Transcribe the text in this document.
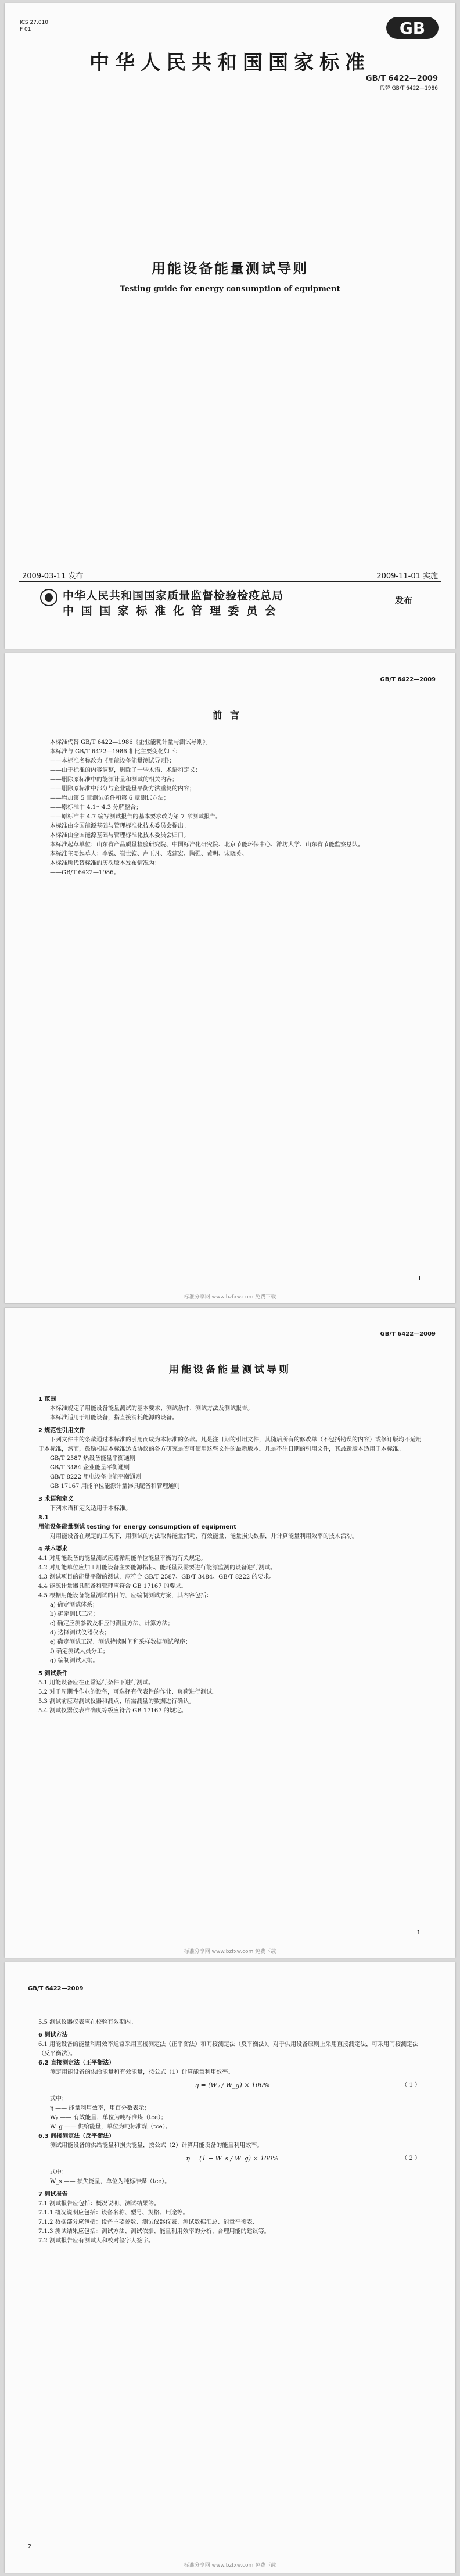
ICS 27.010
F 01	GB
中华人民共和国国家标准
GB/T 6422—2009
代替 GB/T 6422—1986
用能设备能量测试导则
Testing guide for energy consumption of equipment
2009-03-11 发布	2009-11-01 实施
中华人民共和国国家质量监督检验检疫总局
中 国 国 家 标 准 化 管 理 委 员 会
发布
GB/T 6422—2009
前言

本标准代替 GB/T 6422—1986《企业能耗计量与测试导则》。

本标准与 GB/T 6422—1986 相比主要变化如下：

——本标准名称改为《用能设备能量测试导则》；

——由于标准的内容调整，删除了一些术语、术语和定义；

——删除原标准中的能源计量和测试的相关内容；

——删除原标准中部分与企业能量平衡方法重复的内容；

——增加第 5 章测试条件和第 6 章测试方法；

——原标准中 4.1～4.3 分解整合；

——原标准中 4.7 编写测试报告的基本要求改为第 7 章测试报告。

本标准由全国能源基础与管理标准化技术委员会提出。

本标准由全国能源基础与管理标准化技术委员会归口。

本标准起草单位：山东省产品质量检验研究院、中国标准化研究院、北京节能环保中心、潍坊大学、山东省节能监察总队。

本标准主要起草人：李锐、崔世钦、卢玉凡、成建宏、陶强、黄明、宋晓英。

本标准所代替标准的历次版本发布情况为：

——GB/T 6422—1986。

I
标准分享网 www.bzfxw.com 免费下载
GB/T 6422—2009
用能设备能量测试导则

1 范围

本标准规定了用能设备能量测试的基本要求、测试条件、测试方法及测试报告。

本标准适用于用能设备，指直接消耗能源的设备。

2 规范性引用文件

下列文件中的条款通过本标准的引用而成为本标准的条款。凡是注日期的引用文件，其随后所有的修改单（不包括勘误的内容）或修订版均不适用于本标准，然而，鼓励根据本标准达成协议的各方研究是否可使用这些文件的最新版本。凡是不注日期的引用文件，其最新版本适用于本标准。

GB/T 2587 热设备能量平衡通则

GB/T 3484 企业能量平衡通则

GB/T 8222 用电设备电能平衡通则

GB 17167 用能单位能源计量器具配备和管理通则

3 术语和定义

下列术语和定义适用于本标准。

3.1

用能设备能量测试 testing for energy consumption of equipment

对用能设备在规定的工况下，用测试的方法取得能量消耗、有效能量、能量损失数据，并计算能量利用效率的技术活动。

4 基本要求

4.1 对用能设备的能量测试应遵循用能单位能量平衡的有关规定。

4.2 对用能单位应加工用能设备主要能源指标、能耗量及需要进行能源监测的设备进行测试。

4.3 测试项目的能量平衡的测试，应符合 GB/T 2587、GB/T 3484、GB/T 8222 的要求。

4.4 能源计量器具配备和管理应符合 GB 17167 的要求。

4.5 根据用能设备能量测试的目的，应编制测试方案，其内容包括：

a) 确定测试体系；

b) 确定测试工况；

c) 确定应测参数及相应的测量方法、计算方法；

d) 选择测试仪器仪表；

e) 确定测试工况、测试持续时间和采样数据测试程序；

f) 确定测试人员分工；

g) 编制测试大纲。

5 测试条件

5.1 用能设备应在正常运行条件下进行测试。

5.2 对于周期性作业的设备，可选择有代表性的作业、负荷进行测试。

5.3 测试前应对测试仪器和测点、所需测量的数据进行确认。

5.4 测试仪器仪表准确度等级应符合 GB 17167 的规定。

1
标准分享网 www.bzfxw.com 免费下载
GB/T 6422—2009

5.5 测试仪器仪表应在校验有效期内。

6 测试方法

6.1 用能设备的能量利用效率通常采用直接测定法（正平衡法）和间接测定法（反平衡法）。对于供用设备原则上采用直接测定法，可采用间接测定法（反平衡法）。

6.2 直接测定法（正平衡法）

测定用能设备的供给能量和有效能量，按公式（1）计算能量利用效率。

η = (Wᵧ / W_g) × 100%	（ 1 ）

式中：

η —— 能量利用效率，用百分数表示；

Wᵧ —— 有效能量，单位为吨标准煤（tce）；

W_g —— 供给能量，单位为吨标准煤（tce）。

6.3 间接测定法（反平衡法）

测试用能设备的供给能量和损失能量，按公式（2）计算用能设备的能量利用效率。

η = (1 − W_s / W_g) × 100%	（ 2 ）

式中：

W_s —— 损失能量，单位为吨标准煤（tce）。

7 测试报告

7.1 测试报告应包括：概况说明、测试结果等。

7.1.1 概况说明应包括：设备名称、型号、规格、用途等。

7.1.2 数据部分应包括：设备主要参数、测试仪器仪表、测试数据汇总、能量平衡表、

7.1.3 测试结果应包括：测试方法、测试依据、能量利用效率的分析、合理用能的建议等。

7.2 测试报告应有测试人和校对签字人签字。

2
标准分享网 www.bzfxw.com 免费下载
